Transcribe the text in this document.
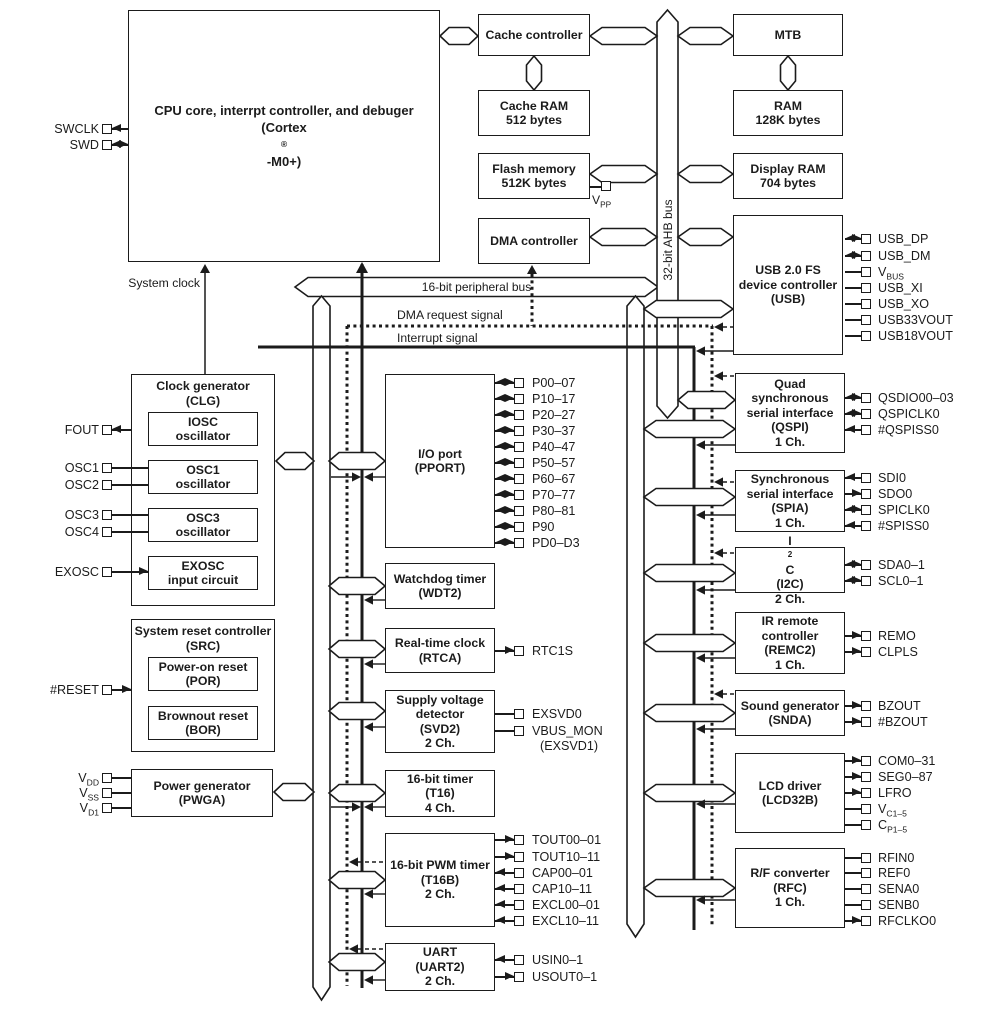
CPU core, interrpt controller, and debuger
(Cortex
®
-M0+)
Cache controller
Cache RAM
512 bytes
Flash memory
512K bytes
DMA controller
MTB
RAM
128K bytes
Display RAM
704 bytes
USB 2.0 FS
device controller
(USB)
Clock generator
(CLG)
IOSC
oscillator
OSC1
oscillator
OSC3
oscillator
EXOSC
input circuit
System reset controller
(SRC)
Power-on reset
(POR)
Brownout reset
(BOR)
Power generator
(PWGA)
I/O port
(PPORT)
Watchdog timer
(WDT2)
Real-time clock
(RTCA)
Supply voltage
detector
(SVD2)
2 Ch.
16-bit timer
(T16)
4 Ch.
16-bit PWM timer
(T16B)
2 Ch.
UART
(UART2)
2 Ch.
Quad
synchronous
serial interface
(QSPI)
1 Ch.
Synchronous
serial interface
(SPIA)
1 Ch.
I
2
C
(I2C)
2 Ch.
IR remote
controller
(REMC2)
1 Ch.
Sound generator
(SNDA)
LCD driver
(LCD32B)
R/F converter
(RFC)
1 Ch.
SWCLK
SWD
FOUT
OSC1
OSC2
OSC3
OSC4
EXOSC
#RESET
$V_{DD}$
$V_{SS}$
$V_{D1}$
P00–07
P10–17
P20–27
P30–37
P40–47
P50–57
P60–67
P70–77
P80–81
P90
PD0–D3
RTC1S
EXSVD0
VBUS_MON
(EXSVD1)
TOUT00–01
TOUT10–11
CAP00–01
CAP10–11
EXCL00–01
EXCL10–11
USIN0–1
USOUT0–1
USB_DP
USB_DM
$V_{BUS}$
USB_XI
USB_XO
USB33VOUT
USB18VOUT
QSDIO00–03
QSPICLK0
#QSPISS0
SDI0
SDO0
SPICLK0
#SPISS0
SDA0–1
SCL0–1
REMO
CLPLS
BZOUT
#BZOUT
COM0–31
SEG0–87
LFRO
$V_{C1-5}$
$C_{P1-5}$
RFIN0
REF0
SENA0
SENB0
RFCLKO0
System clock	16-bit peripheral bus
DMA request signal
Interrupt signal
32-bit AHB bus
$V_{PP}$
